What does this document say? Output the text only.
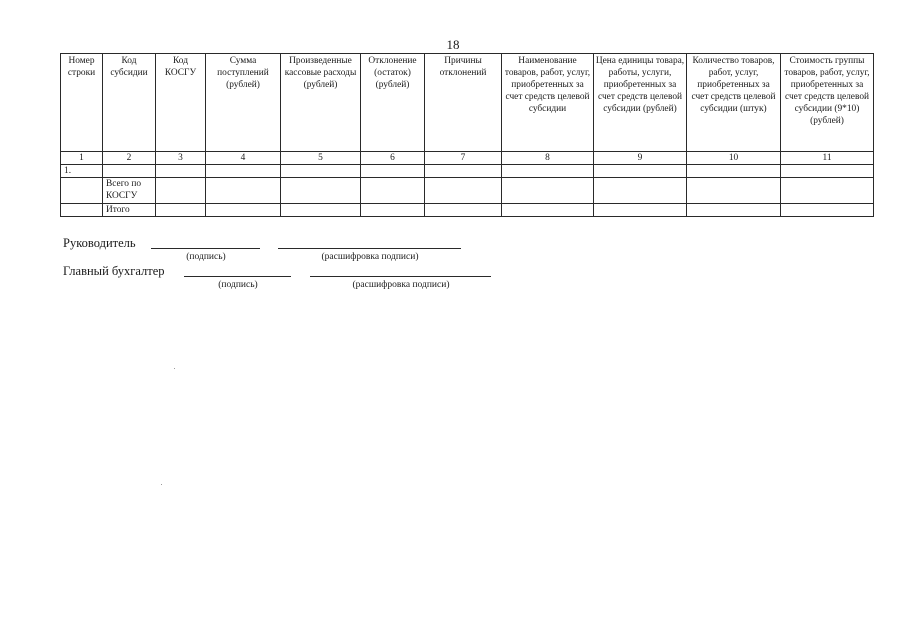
18
Номер строки	Код субсидии	Код КОСГУ	Сумма поступлений (рублей)	Произведенные кассовые расходы (рублей)	Отклонение (остаток) (рублей)	Причины отклонений	Наименование товаров, работ, услуг, приобретенных за счет средств целевой субсидии	Цена единицы товара, работы, услуги, приобретенных за счет средств целевой субсидии (рублей)	Количество товаров, работ, услуг, приобретенных за счет средств целевой субсидии (штук)	Стоимость группы товаров, работ, услуг, приобретенных за счет средств целевой субсидии (9*10) (рублей)
1	2	3	4	5	6	7	8	9	10	11
1.										
	Всего по КОСГУ									
	Итого									
Руководитель
(подпись)	(расшифровка подписи)
Главный бухгалтер
(подпись)	(расшифровка подписи)
